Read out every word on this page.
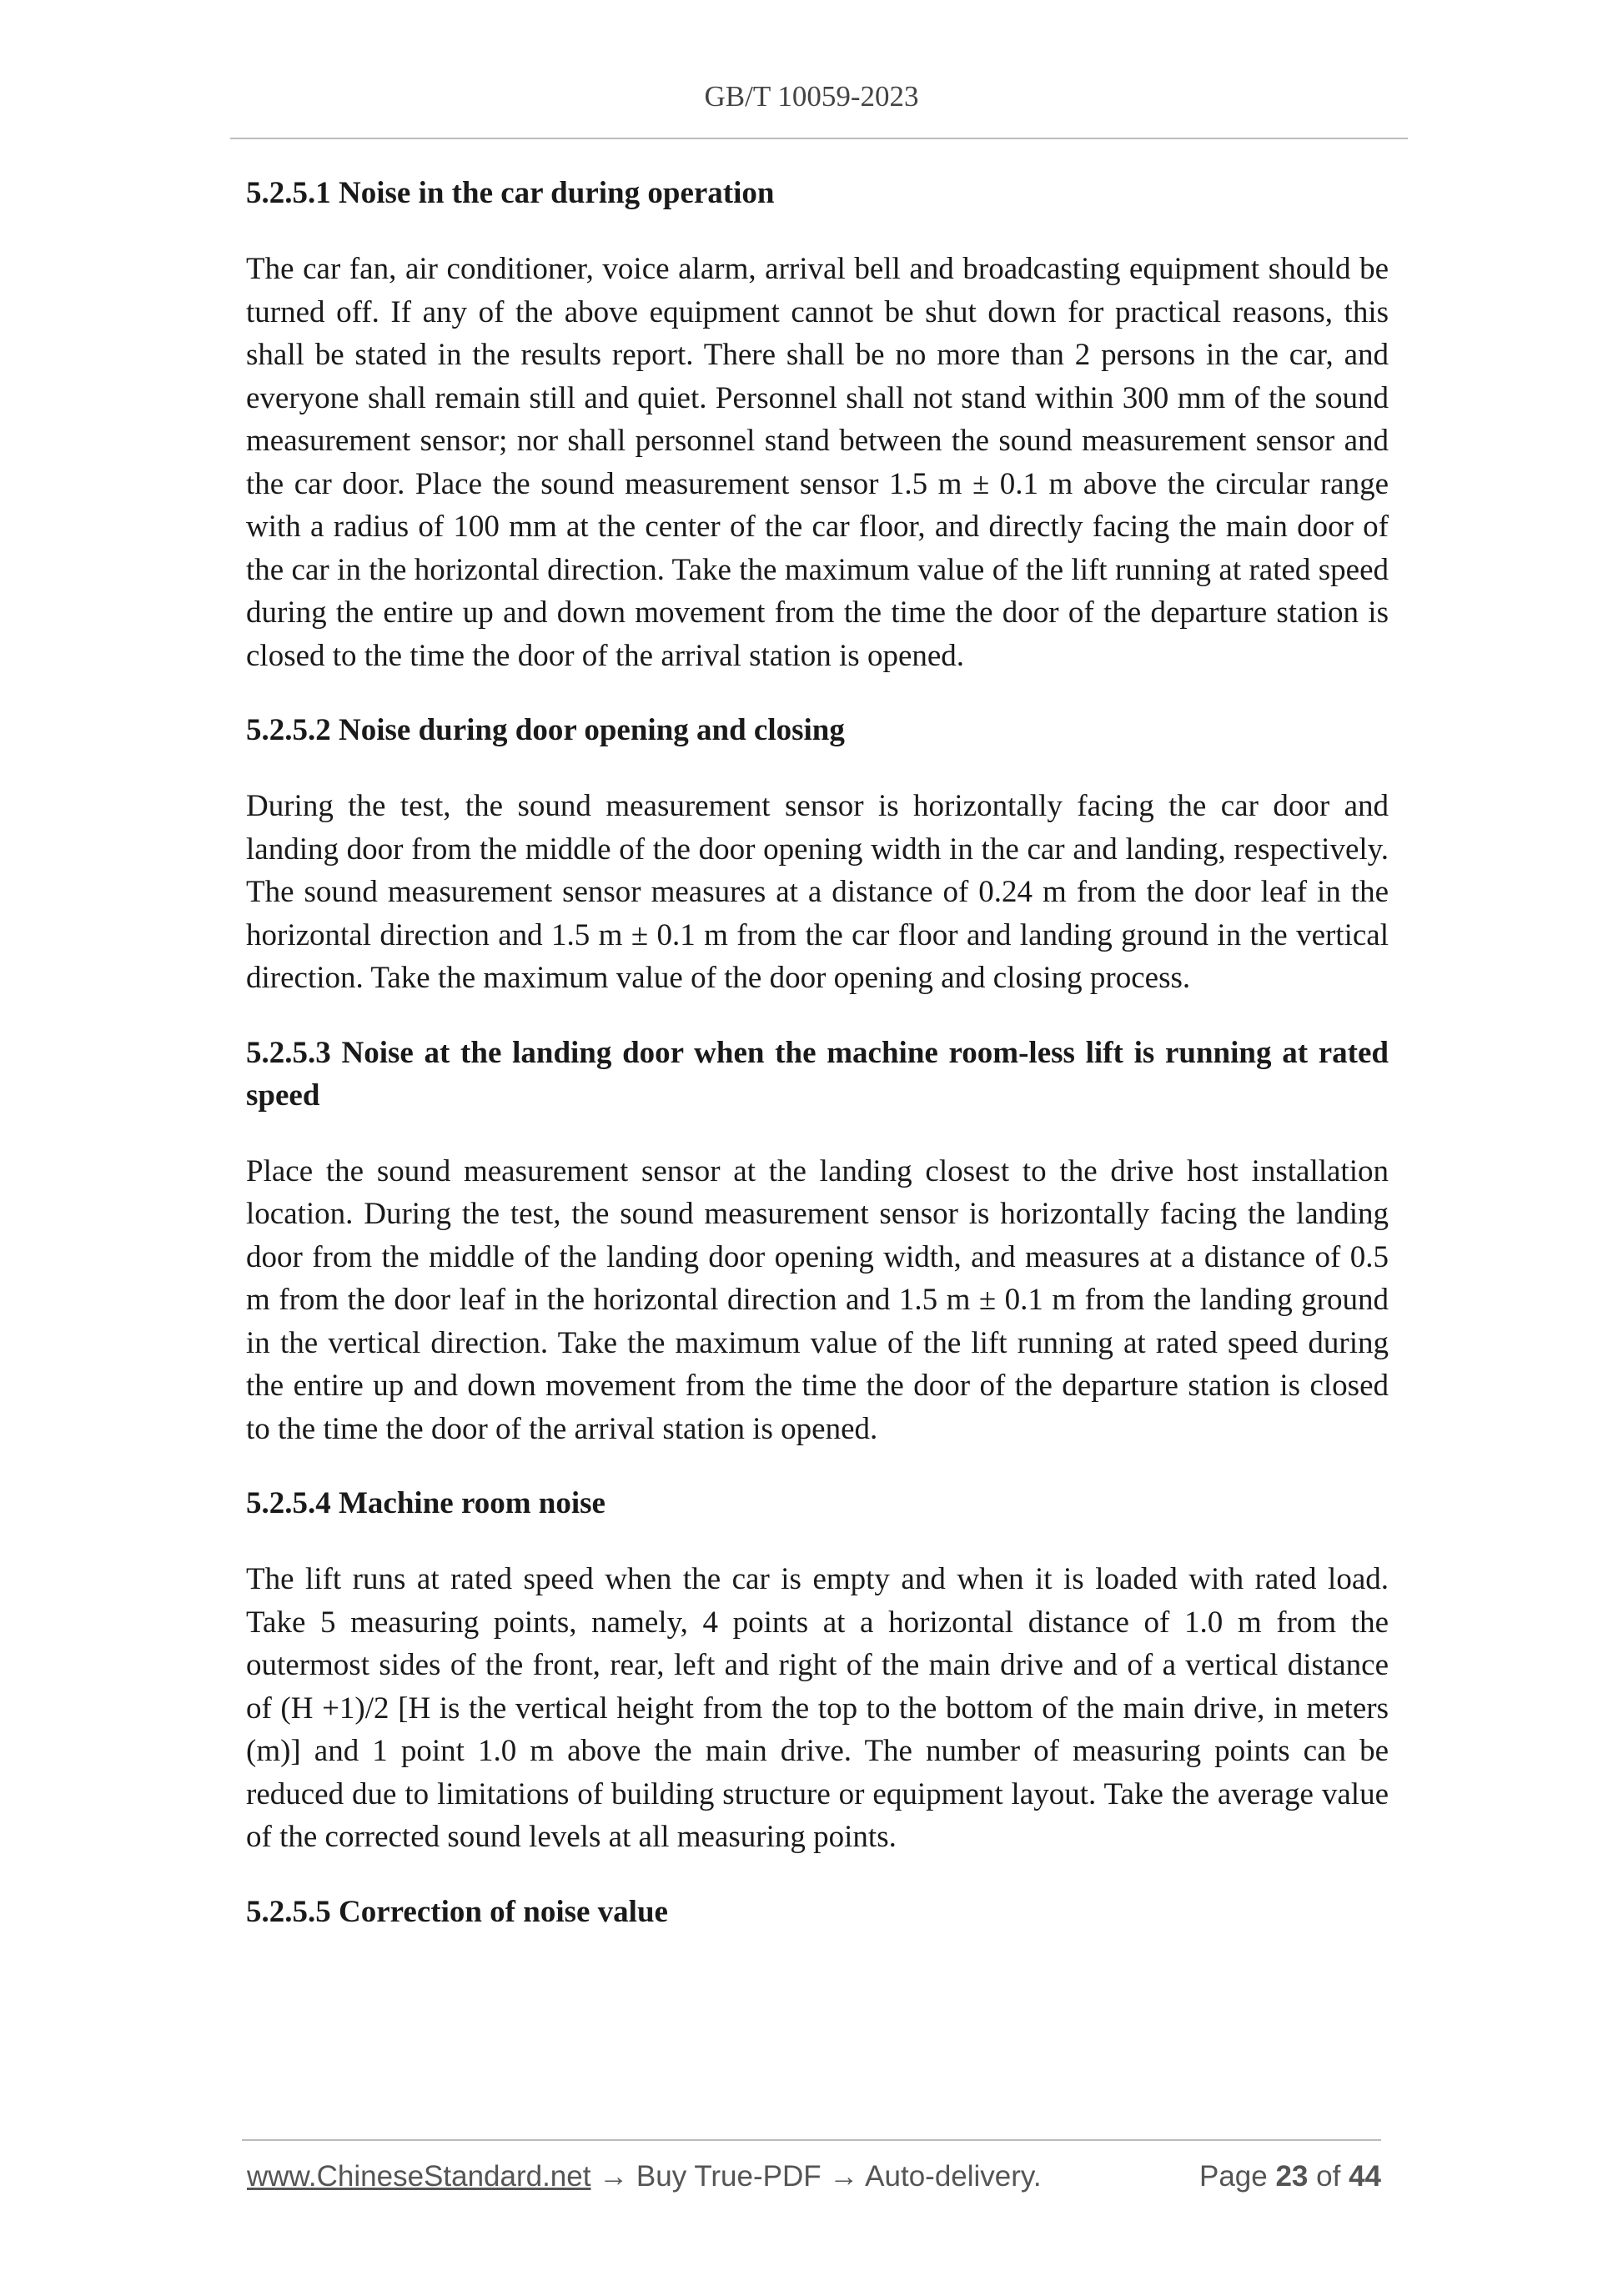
GB/T 10059-2023
5.2.5.1 Noise in the car during operation

The car fan, air conditioner, voice alarm, arrival bell and broadcasting equipment should be turned off. If any of the above equipment cannot be shut down for practical reasons, this shall be stated in the results report. There shall be no more than 2 persons in the car, and everyone shall remain still and quiet. Personnel shall not stand within 300 mm of the sound measurement sensor; nor shall personnel stand between the sound measurement sensor and the car door. Place the sound measurement sensor 1.5 m ± 0.1 m above the circular range with a radius of 100 mm at the center of the car floor, and directly facing the main door of the car in the horizontal direction. Take the maximum value of the lift running at rated speed during the entire up and down movement from the time the door of the departure station is closed to the time the door of the arrival station is opened.

5.2.5.2 Noise during door opening and closing

During the test, the sound measurement sensor is horizontally facing the car door and landing door from the middle of the door opening width in the car and landing, respectively. The sound measurement sensor measures at a distance of 0.24 m from the door leaf in the horizontal direction and 1.5 m ± 0.1 m from the car floor and landing ground in the vertical direction. Take the maximum value of the door opening and closing process.

5.2.5.3 Noise at the landing door when the machine room-less lift is running at rated speed

Place the sound measurement sensor at the landing closest to the drive host installation location. During the test, the sound measurement sensor is horizontally facing the landing door from the middle of the landing door opening width, and measures at a distance of 0.5 m from the door leaf in the horizontal direction and 1.5 m ± 0.1 m from the landing ground in the vertical direction. Take the maximum value of the lift running at rated speed during the entire up and down movement from the time the door of the departure station is closed to the time the door of the arrival station is opened.

5.2.5.4 Machine room noise

The lift runs at rated speed when the car is empty and when it is loaded with rated load. Take 5 measuring points, namely, 4 points at a horizontal distance of 1.0 m from the outermost sides of the front, rear, left and right of the main drive and of a vertical distance of (H +1)/2 [H is the vertical height from the top to the bottom of the main drive, in meters (m)] and 1 point 1.0 m above the main drive. The number of measuring points can be reduced due to limitations of building structure or equipment layout. Take the average value of the corrected sound levels at all measuring points.

5.2.5.5 Correction of noise value
www.ChineseStandard.net → Buy True-PDF → Auto-delivery.	Page 23 of 44
